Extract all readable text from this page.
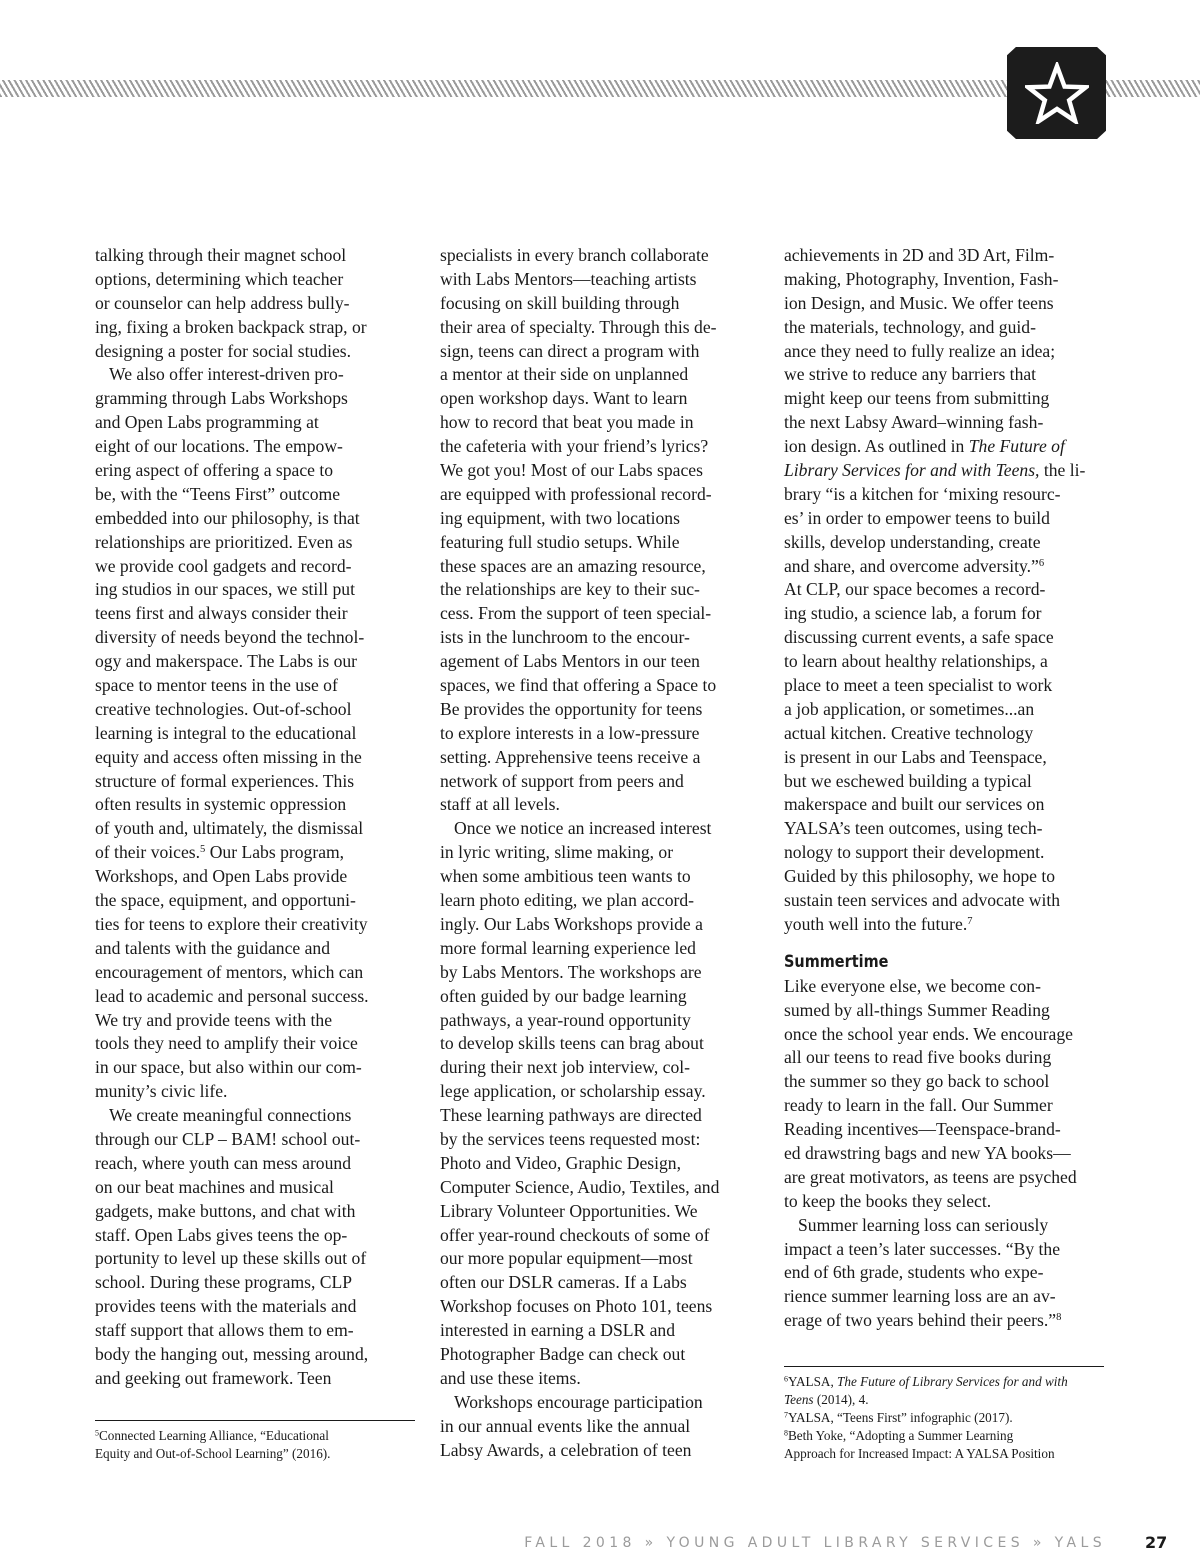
talking through their magnet school
options, determining which teacher
or counselor can help address bully-
ing, fixing a broken backpack strap, or
designing a poster for social studies.
We also offer interest-driven pro-
gramming through Labs Workshops
and Open Labs programming at
eight of our locations. The empow-
ering aspect of offering a space to
be, with the “Teens First” outcome
embedded into our philosophy, is that
relationships are prioritized. Even as
we provide cool gadgets and record-
ing studios in our spaces, we still put
teens first and always consider their
diversity of needs beyond the technol-
ogy and makerspace. The Labs is our
space to mentor teens in the use of
creative technologies. Out-of-school
learning is integral to the educational
equity and access often missing in the
structure of formal experiences. This
often results in systemic oppression
of youth and, ultimately, the dismissal
of their voices.$^5$ Our Labs program,
Workshops, and Open Labs provide
the space, equipment, and opportuni-
ties for teens to explore their creativity
and talents with the guidance and
encouragement of mentors, which can
lead to academic and personal success.
We try and provide teens with the
tools they need to amplify their voice
in our space, but also within our com-
munity’s civic life.
We create meaningful connections
through our CLP – BAM! school out-
reach, where youth can mess around
on our beat machines and musical
gadgets, make buttons, and chat with
staff. Open Labs gives teens the op-
portunity to level up these skills out of
school. During these programs, CLP
provides teens with the materials and
staff support that allows them to em-
body the hanging out, messing around,
and geeking out framework. Teen
specialists in every branch collaborate
with Labs Mentors—teaching artists
focusing on skill building through
their area of specialty. Through this de-
sign, teens can direct a program with
a mentor at their side on unplanned
open workshop days. Want to learn
how to record that beat you made in
the cafeteria with your friend’s lyrics?
We got you! Most of our Labs spaces
are equipped with professional record-
ing equipment, with two locations
featuring full studio setups. While
these spaces are an amazing resource,
the relationships are key to their suc-
cess. From the support of teen special-
ists in the lunchroom to the encour-
agement of Labs Mentors in our teen
spaces, we find that offering a Space to
Be provides the opportunity for teens
to explore interests in a low-pressure
setting. Apprehensive teens receive a
network of support from peers and
staff at all levels.
Once we notice an increased interest
in lyric writing, slime making, or
when some ambitious teen wants to
learn photo editing, we plan accord-
ingly. Our Labs Workshops provide a
more formal learning experience led
by Labs Mentors. The workshops are
often guided by our badge learning
pathways, a year-round opportunity
to develop skills teens can brag about
during their next job interview, col-
lege application, or scholarship essay.
These learning pathways are directed
by the services teens requested most:
Photo and Video, Graphic Design,
Computer Science, Audio, Textiles, and
Library Volunteer Opportunities. We
offer year-round checkouts of some of
our more popular equipment—most
often our DSLR cameras. If a Labs
Workshop focuses on Photo 101, teens
interested in earning a DSLR and
Photographer Badge can check out
and use these items.
Workshops encourage participation
in our annual events like the annual
Labsy Awards, a celebration of teen
achievements in 2D and 3D Art, Film-
making, Photography, Invention, Fash-
ion Design, and Music. We offer teens
the materials, technology, and guid-
ance they need to fully realize an idea;
we strive to reduce any barriers that
might keep our teens from submitting
the next Labsy Award–winning fash-
ion design. As outlined in The Future of
Library Services for and with Teens, the li-
brary “is a kitchen for ‘mixing resourc-
es’ in order to empower teens to build
skills, develop understanding, create
and share, and overcome adversity.”$^6$
At CLP, our space becomes a record-
ing studio, a science lab, a forum for
discussing current events, a safe space
to learn about healthy relationships, a
place to meet a teen specialist to work
a job application, or sometimes...an
actual kitchen. Creative technology
is present in our Labs and Teenspace,
but we eschewed building a typical
makerspace and built our services on
YALSA’s teen outcomes, using tech-
nology to support their development.
Guided by this philosophy, we hope to
sustain teen services and advocate with
youth well into the future.$^7$
Summertime
Like everyone else, we become con-
sumed by all-things Summer Reading
once the school year ends. We encourage
all our teens to read five books during
the summer so they go back to school
ready to learn in the fall. Our Summer
Reading incentives—Teenspace-brand-
ed drawstring bags and new YA books—
are great motivators, as teens are psyched
to keep the books they select.
Summer learning loss can seriously
impact a teen’s later successes. “By the
end of 6th grade, students who expe-
rience summer learning loss are an av-
erage of two years behind their peers.”$^8$
$^5$Connected Learning Alliance, “Educational
Equity and Out-of-School Learning” (2016).
$^6$YALSA, The Future of Library Services for and with
Teens (2014), 4.
$^7$YALSA, “Teens First” infographic (2017).
$^8$Beth Yoke, “Adopting a Summer Learning
Approach for Increased Impact: A YALSA Position
FALL 2018 » YOUNG ADULT LIBRARY SERVICES » YALS 27
